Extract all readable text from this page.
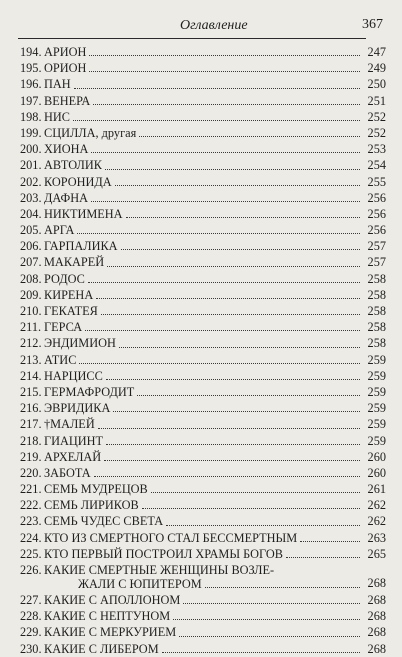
Оглавление	367
194. АРИОН	247
195. ОРИОН	249
196. ПАН	250
197. ВЕНЕРА	251
198. НИС	252
199. СЦИЛЛА, другая	252
200. ХИОНА	253
201. АВТОЛИК	254
202. КОРОНИДА	255
203. ДАФНА	256
204. НИКТИМЕНА	256
205. АРГА	256
206. ГАРПАЛИКА	257
207. МАКАРЕЙ	257
208. РОДОС	258
209. КИРЕНА	258
210. ГЕКАТЕЯ	258
211. ГЕРСА	258
212. ЭНДИМИОН	258
213. АТИС	259
214. НАРЦИСС	259
215. ГЕРМАФРОДИТ	259
216. ЭВРИДИКА	259
217. †МАЛЕЙ	259
218. ГИАЦИНТ	259
219. АРХЕЛАЙ	260
220. ЗАБОТА	260
221. СЕМЬ МУДРЕЦОВ	261
222. СЕМЬ ЛИРИКОВ	262
223. СЕМЬ ЧУДЕС СВЕТА	262
224. КТО ИЗ СМЕРТНОГО СТАЛ БЕССМЕРТНЫМ	263
225. КТО ПЕРВЫЙ ПОСТРОИЛ ХРАМЫ БОГОВ	265
226. КАКИЕ СМЕРТНЫЕ ЖЕНЩИНЫ ВОЗЛЕ-
ЖАЛИ С ЮПИТЕРОМ	268
227. КАКИЕ С АПОЛЛОНОМ	268
228. КАКИЕ С НЕПТУНОМ	268
229. КАКИЕ С МЕРКУРИЕМ	268
230. КАКИЕ С ЛИБЕРОМ	268
